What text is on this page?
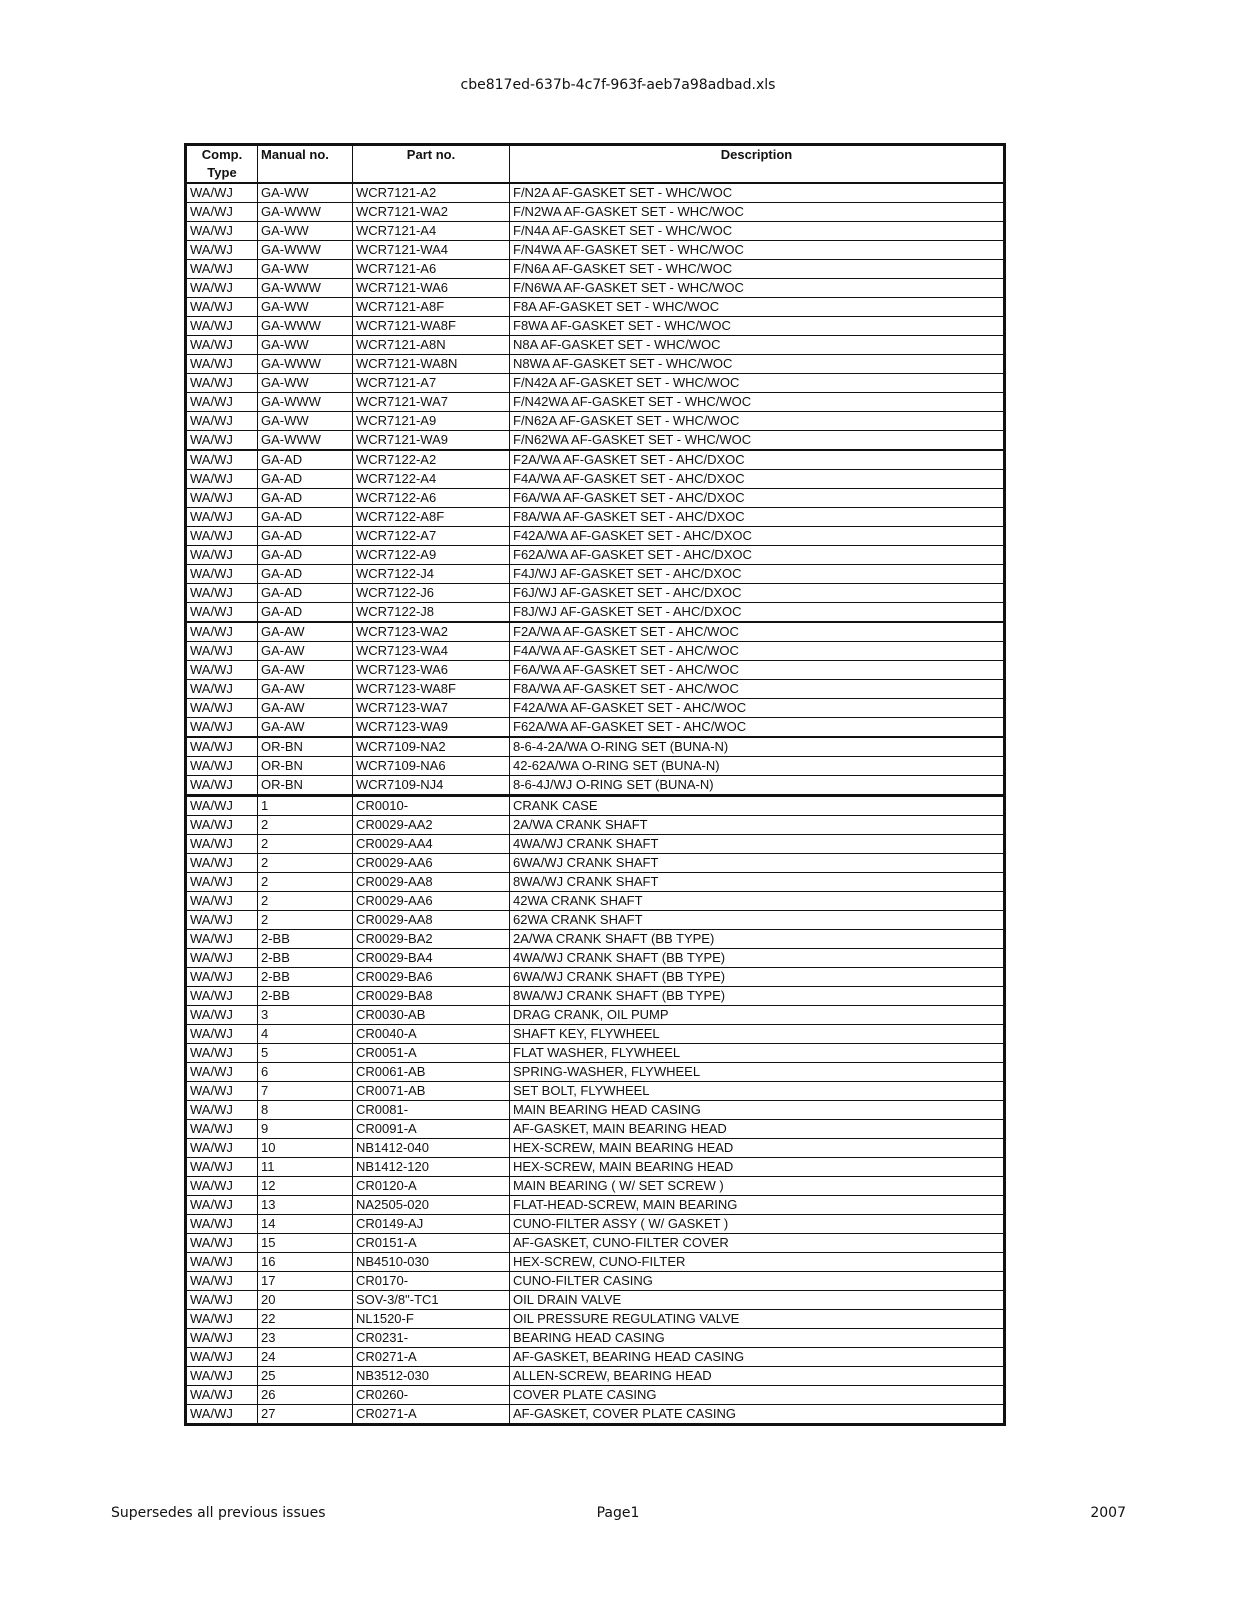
cbe817ed-637b-4c7f-963f-aeb7a98adbad.xls
Comp.	Manual no.	Part no.	Description
Type			
WA/WJ	GA-WW	WCR7121-A2	F/N2A AF-GASKET SET - WHC/WOC
WA/WJ	GA-WWW	WCR7121-WA2	F/N2WA AF-GASKET SET - WHC/WOC
WA/WJ	GA-WW	WCR7121-A4	F/N4A AF-GASKET SET - WHC/WOC
WA/WJ	GA-WWW	WCR7121-WA4	F/N4WA AF-GASKET SET - WHC/WOC
WA/WJ	GA-WW	WCR7121-A6	F/N6A AF-GASKET SET - WHC/WOC
WA/WJ	GA-WWW	WCR7121-WA6	F/N6WA AF-GASKET SET - WHC/WOC
WA/WJ	GA-WW	WCR7121-A8F	F8A AF-GASKET SET - WHC/WOC
WA/WJ	GA-WWW	WCR7121-WA8F	F8WA AF-GASKET SET - WHC/WOC
WA/WJ	GA-WW	WCR7121-A8N	N8A AF-GASKET SET - WHC/WOC
WA/WJ	GA-WWW	WCR7121-WA8N	N8WA AF-GASKET SET - WHC/WOC
WA/WJ	GA-WW	WCR7121-A7	F/N42A AF-GASKET SET - WHC/WOC
WA/WJ	GA-WWW	WCR7121-WA7	F/N42WA AF-GASKET SET - WHC/WOC
WA/WJ	GA-WW	WCR7121-A9	F/N62A AF-GASKET SET - WHC/WOC
WA/WJ	GA-WWW	WCR7121-WA9	F/N62WA AF-GASKET SET - WHC/WOC
WA/WJ	GA-AD	WCR7122-A2	F2A/WA AF-GASKET SET - AHC/DXOC
WA/WJ	GA-AD	WCR7122-A4	F4A/WA AF-GASKET SET - AHC/DXOC
WA/WJ	GA-AD	WCR7122-A6	F6A/WA AF-GASKET SET - AHC/DXOC
WA/WJ	GA-AD	WCR7122-A8F	F8A/WA AF-GASKET SET - AHC/DXOC
WA/WJ	GA-AD	WCR7122-A7	F42A/WA AF-GASKET SET - AHC/DXOC
WA/WJ	GA-AD	WCR7122-A9	F62A/WA AF-GASKET SET - AHC/DXOC
WA/WJ	GA-AD	WCR7122-J4	F4J/WJ AF-GASKET SET - AHC/DXOC
WA/WJ	GA-AD	WCR7122-J6	F6J/WJ AF-GASKET SET - AHC/DXOC
WA/WJ	GA-AD	WCR7122-J8	F8J/WJ AF-GASKET SET - AHC/DXOC
WA/WJ	GA-AW	WCR7123-WA2	F2A/WA AF-GASKET SET - AHC/WOC
WA/WJ	GA-AW	WCR7123-WA4	F4A/WA AF-GASKET SET - AHC/WOC
WA/WJ	GA-AW	WCR7123-WA6	F6A/WA AF-GASKET SET - AHC/WOC
WA/WJ	GA-AW	WCR7123-WA8F	F8A/WA AF-GASKET SET - AHC/WOC
WA/WJ	GA-AW	WCR7123-WA7	F42A/WA AF-GASKET SET - AHC/WOC
WA/WJ	GA-AW	WCR7123-WA9	F62A/WA AF-GASKET SET - AHC/WOC
WA/WJ	OR-BN	WCR7109-NA2	8-6-4-2A/WA O-RING SET (BUNA-N)
WA/WJ	OR-BN	WCR7109-NA6	42-62A/WA O-RING SET (BUNA-N)
WA/WJ	OR-BN	WCR7109-NJ4	8-6-4J/WJ O-RING SET (BUNA-N)
WA/WJ	1	CR0010-	CRANK CASE
WA/WJ	2	CR0029-AA2	2A/WA CRANK SHAFT
WA/WJ	2	CR0029-AA4	4WA/WJ CRANK SHAFT
WA/WJ	2	CR0029-AA6	6WA/WJ CRANK SHAFT
WA/WJ	2	CR0029-AA8	8WA/WJ CRANK SHAFT
WA/WJ	2	CR0029-AA6	42WA CRANK SHAFT
WA/WJ	2	CR0029-AA8	62WA CRANK SHAFT
WA/WJ	2-BB	CR0029-BA2	2A/WA CRANK SHAFT (BB TYPE)
WA/WJ	2-BB	CR0029-BA4	4WA/WJ CRANK SHAFT (BB TYPE)
WA/WJ	2-BB	CR0029-BA6	6WA/WJ CRANK SHAFT (BB TYPE)
WA/WJ	2-BB	CR0029-BA8	8WA/WJ CRANK SHAFT (BB TYPE)
WA/WJ	3	CR0030-AB	DRAG CRANK, OIL PUMP
WA/WJ	4	CR0040-A	SHAFT KEY, FLYWHEEL
WA/WJ	5	CR0051-A	FLAT WASHER, FLYWHEEL
WA/WJ	6	CR0061-AB	SPRING-WASHER, FLYWHEEL
WA/WJ	7	CR0071-AB	SET BOLT, FLYWHEEL
WA/WJ	8	CR0081-	MAIN BEARING HEAD CASING
WA/WJ	9	CR0091-A	AF-GASKET, MAIN BEARING HEAD
WA/WJ	10	NB1412-040	HEX-SCREW, MAIN BEARING HEAD
WA/WJ	11	NB1412-120	HEX-SCREW, MAIN BEARING HEAD
WA/WJ	12	CR0120-A	MAIN BEARING ( W/ SET SCREW )
WA/WJ	13	NA2505-020	FLAT-HEAD-SCREW, MAIN BEARING
WA/WJ	14	CR0149-AJ	CUNO-FILTER ASSY ( W/ GASKET )
WA/WJ	15	CR0151-A	AF-GASKET, CUNO-FILTER COVER
WA/WJ	16	NB4510-030	HEX-SCREW, CUNO-FILTER
WA/WJ	17	CR0170-	CUNO-FILTER CASING
WA/WJ	20	SOV-3/8"-TC1	OIL DRAIN VALVE
WA/WJ	22	NL1520-F	OIL PRESSURE REGULATING VALVE
WA/WJ	23	CR0231-	BEARING HEAD CASING
WA/WJ	24	CR0271-A	AF-GASKET, BEARING HEAD CASING
WA/WJ	25	NB3512-030	ALLEN-SCREW, BEARING HEAD
WA/WJ	26	CR0260-	COVER PLATE CASING
WA/WJ	27	CR0271-A	AF-GASKET, COVER PLATE CASING
Supersedes all previous issues	Page1	2007
